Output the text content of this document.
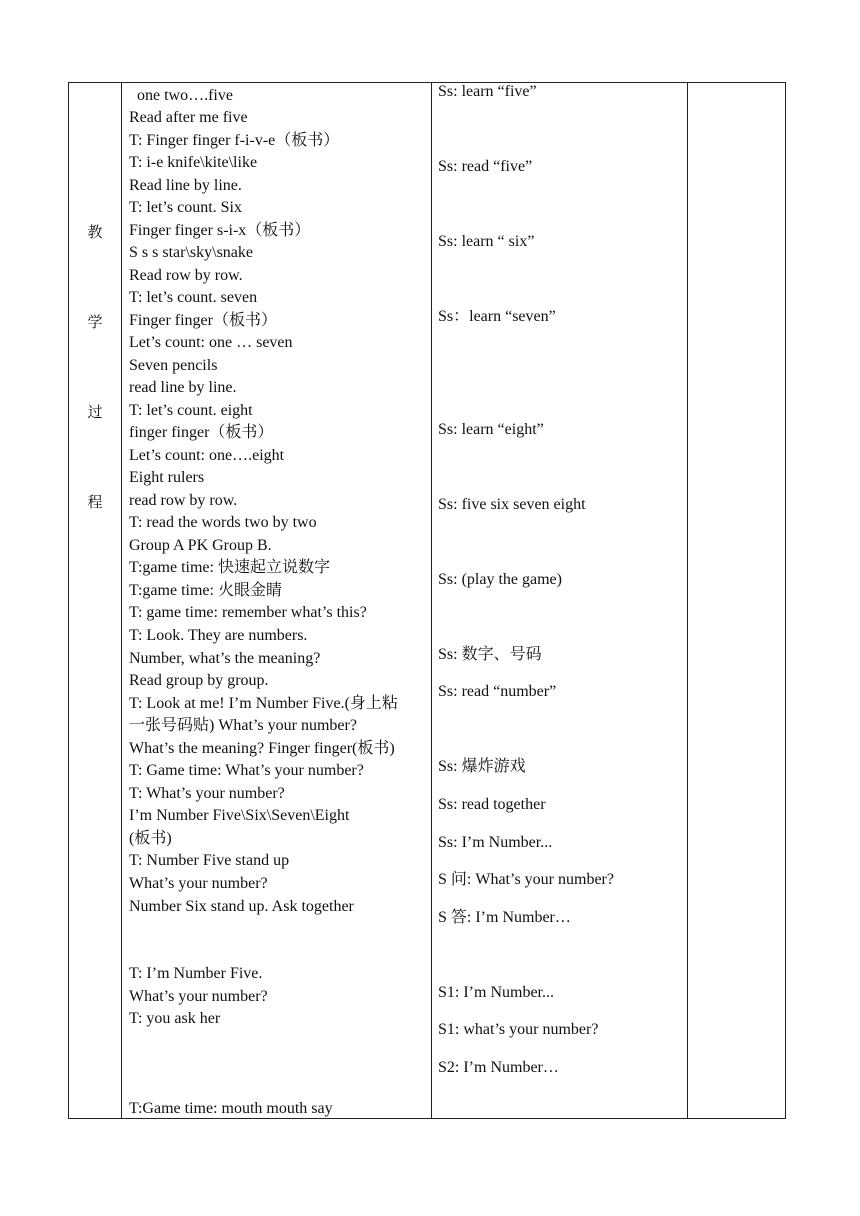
教
学
过
程
one two….five
Read after me five
T: Finger finger f-i-v-e（板书）
T: i-e knife\kite\like
Read line by line.
T: let’s count. Six
Finger finger s-i-x（板书）
S s s star\sky\snake
Read row by row.
T: let’s count. seven
Finger finger（板书）
Let’s count: one … seven
Seven pencils
read line by line.
T: let’s count. eight
finger finger（板书）
Let’s count: one….eight
Eight rulers
read row by row.
T: read the words two by two
Group A PK Group B.
T:game time: 快速起立说数字
T:game time: 火眼金睛
T: game time: remember what’s this?
T: Look. They are numbers.
Number, what’s the meaning?
Read group by group.
T: Look at me! I’m Number Five.(身上粘
一张号码贴) What’s your number?
What’s the meaning? Finger finger(板书)
T: Game time: What’s your number?
T: What’s your number?
I’m Number Five\Six\Seven\Eight
(板书)
T: Number Five stand up
What’s your number?
Number Six stand up. Ask together
T: I’m Number Five.
What’s your number?
T: you ask her
T:Game time: mouth mouth say
Ss: learn “five”
Ss: read “five”
Ss: learn “ six”
Ss：learn “seven”
Ss: learn “eight”
Ss: five six seven eight
Ss: (play the game)
Ss: 数字、号码
Ss: read “number”
Ss: 爆炸游戏
Ss: read together
Ss: I’m Number...
S 问: What’s your number?
S 答: I’m Number…
S1: I’m Number...
S1: what’s your number?
S2: I’m Number…
